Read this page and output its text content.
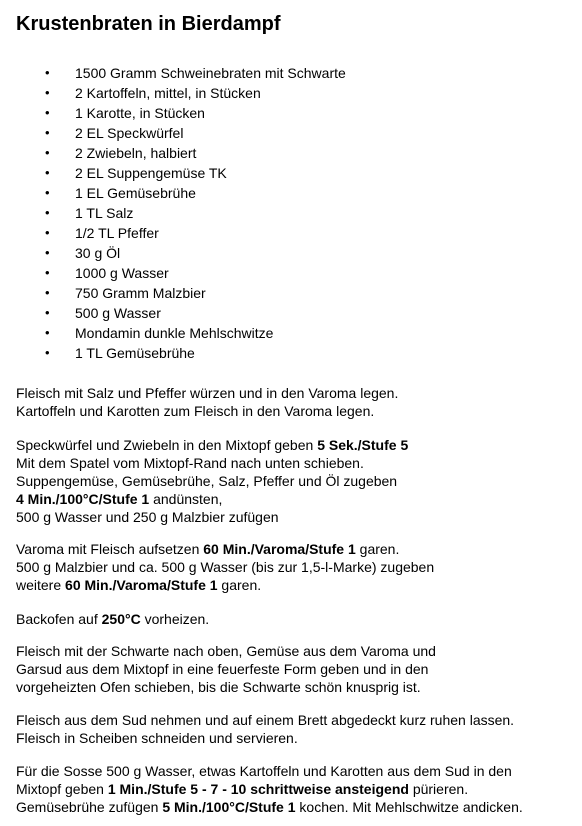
Krustenbraten in Bierdampf
• 1500 Gramm Schweinebraten mit Schwarte
• 2 Kartoffeln, mittel, in Stücken
• 1 Karotte, in Stücken
• 2 EL Speckwürfel
• 2 Zwiebeln, halbiert
• 2 EL Suppengemüse TK
• 1 EL Gemüsebrühe
• 1 TL Salz
• 1/2 TL Pfeffer
• 30 g Öl
• 1000 g Wasser
• 750 Gramm Malzbier
• 500 g Wasser
• Mondamin dunkle Mehlschwitze
• 1 TL Gemüsebrühe
Fleisch mit Salz und Pfeffer würzen und in den Varoma legen.
Kartoffeln und Karotten zum Fleisch in den Varoma legen.
Speckwürfel und Zwiebeln in den Mixtopf geben 5 Sek./Stufe 5
Mit dem Spatel vom Mixtopf-Rand nach unten schieben.
Suppengemüse, Gemüsebrühe, Salz, Pfeffer und Öl zugeben
4 Min./100°C/Stufe 1 andünsten,
500 g Wasser und 250 g Malzbier zufügen
Varoma mit Fleisch aufsetzen 60 Min./Varoma/Stufe 1 garen.
500 g Malzbier und ca. 500 g Wasser (bis zur 1,5-l-Marke) zugeben
weitere 60 Min./Varoma/Stufe 1 garen.
Backofen auf 250°C vorheizen.
Fleisch mit der Schwarte nach oben, Gemüse aus dem Varoma und
Garsud aus dem Mixtopf in eine feuerfeste Form geben und in den
vorgeheizten Ofen schieben, bis die Schwarte schön knusprig ist.
Fleisch aus dem Sud nehmen und auf einem Brett abgedeckt kurz ruhen lassen.
Fleisch in Scheiben schneiden und servieren.
Für die Sosse 500 g Wasser, etwas Kartoffeln und Karotten aus dem Sud in den
Mixtopf geben 1 Min./Stufe 5 - 7 - 10 schrittweise ansteigend pürieren.
Gemüsebrühe zufügen 5 Min./100°C/Stufe 1 kochen. Mit Mehlschwitze andicken.
